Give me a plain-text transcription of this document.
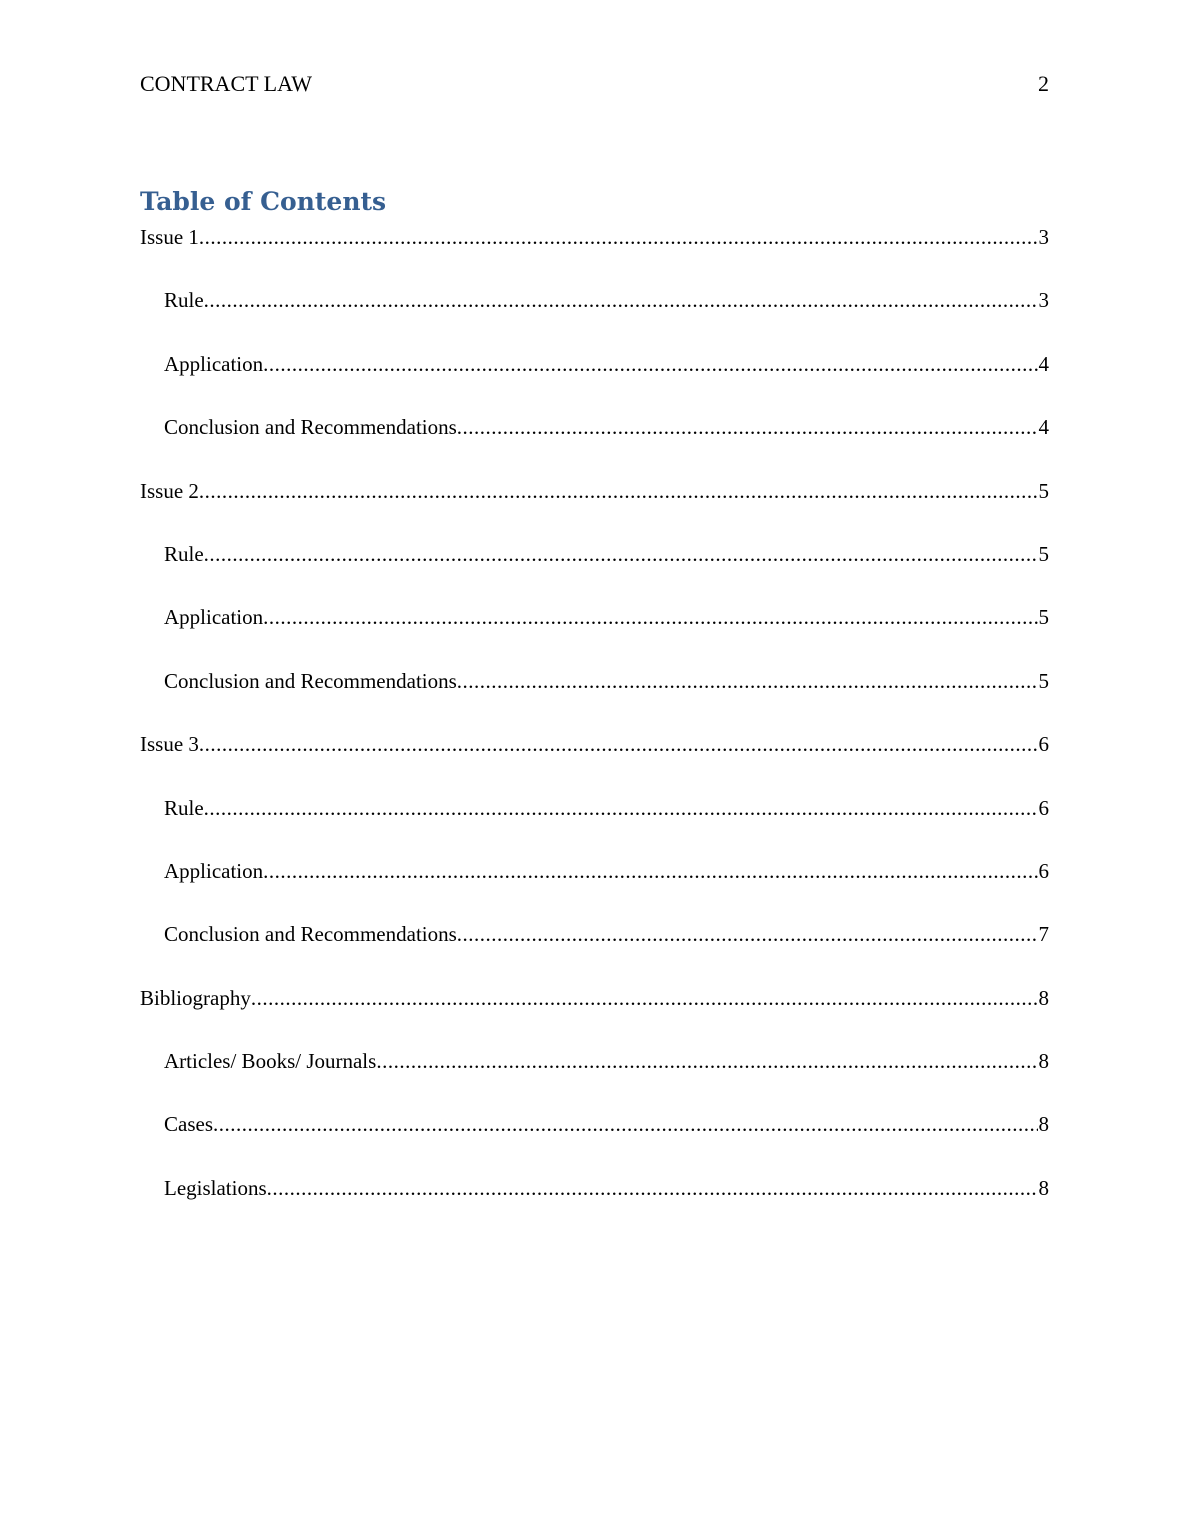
CONTRACT LAW	2
Table of Contents
Issue 1 .....	3
Rule .....	3
Application .....	4
Conclusion and Recommendations .....	4
Issue 2 .....	5
Rule .....	5
Application .....	5
Conclusion and Recommendations .....	5
Issue 3 .....	6
Rule .....	6
Application .....	6
Conclusion and Recommendations .....	7
Bibliography .....	8
Articles/ Books/ Journals .....	8
Cases .....	8
Legislations .....	8
